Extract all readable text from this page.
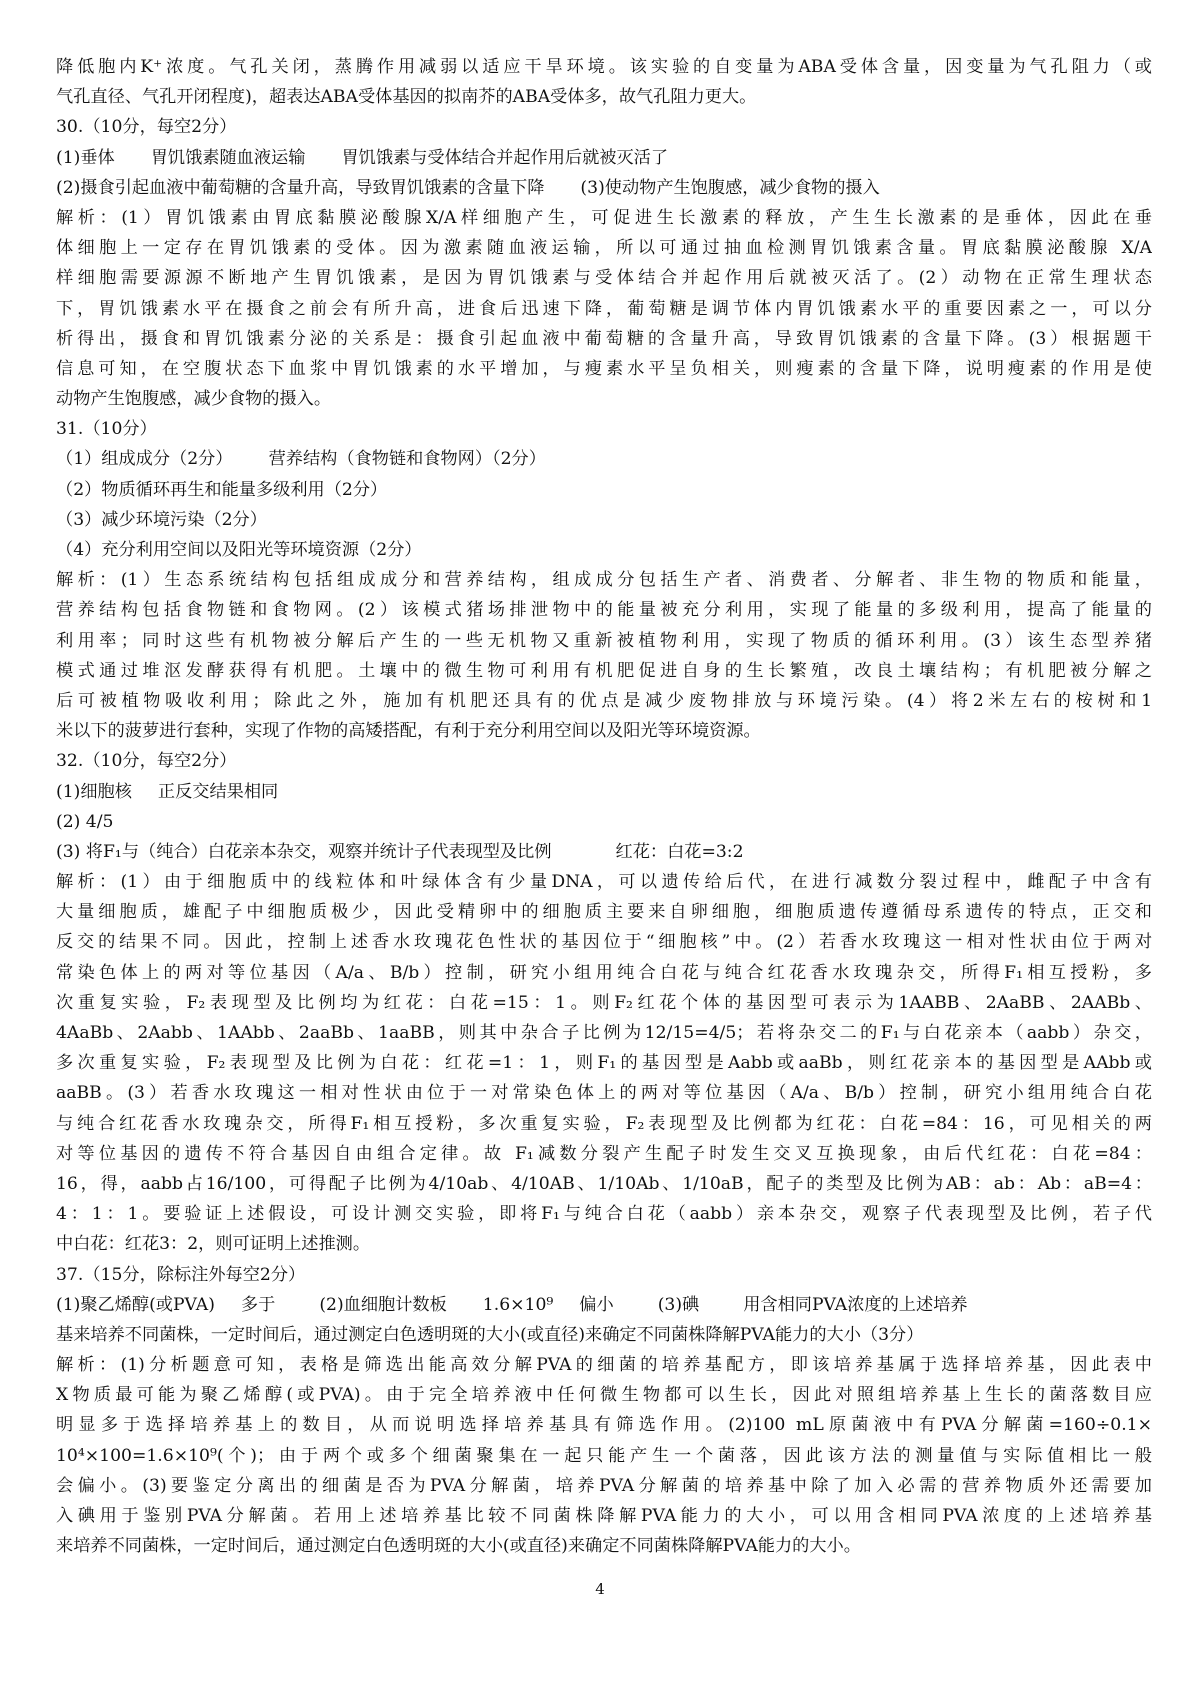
降低胞内K⁺浓度。气孔关闭，蒸腾作用减弱以适应干旱环境。该实验的自变量为ABA受体含量，因变量为气孔阻力（或
气孔直径、气孔开闭程度)，超表达ABA受体基因的拟南芥的ABA受体多，故气孔阻力更大。
30.（10分，每空2分）
(1)垂体 胃饥饿素随血液运输 胃饥饿素与受体结合并起作用后就被灭活了
(2)摄食引起血液中葡萄糖的含量升高，导致胃饥饿素的含量下降 (3)使动物产生饱腹感，减少食物的摄入
解析：(1）胃饥饿素由胃底黏膜泌酸腺X/A样细胞产生，可促进生长激素的释放，产生生长激素的是垂体，因此在垂
体细胞上一定存在胃饥饿素的受体。因为激素随血液运输，所以可通过抽血检测胃饥饿素含量。胃底黏膜泌酸腺 X/A
样细胞需要源源不断地产生胃饥饿素，是因为胃饥饿素与受体结合并起作用后就被灭活了。(2）动物在正常生理状态
下，胃饥饿素水平在摄食之前会有所升高，进食后迅速下降，葡萄糖是调节体内胃饥饿素水平的重要因素之一，可以分
析得出，摄食和胃饥饿素分泌的关系是：摄食引起血液中葡萄糖的含量升高，导致胃饥饿素的含量下降。(3）根据题干
信息可知，在空腹状态下血浆中胃饥饿素的水平增加，与瘦素水平呈负相关，则瘦素的含量下降，说明瘦素的作用是使
动物产生饱腹感，减少食物的摄入。
31.（10分）
（1）组成成分（2分） 营养结构（食物链和食物网）（2分）
（2）物质循环再生和能量多级利用（2分）
（3）减少环境污染（2分）
（4）充分利用空间以及阳光等环境资源（2分）
解析：(1）生态系统结构包括组成成分和营养结构，组成成分包括生产者、消费者、分解者、非生物的物质和能量，
营养结构包括食物链和食物网。(2）该模式猪场排泄物中的能量被充分利用，实现了能量的多级利用，提高了能量的
利用率；同时这些有机物被分解后产生的一些无机物又重新被植物利用，实现了物质的循环利用。(3）该生态型养猪
模式通过堆沤发酵获得有机肥。土壤中的微生物可利用有机肥促进自身的生长繁殖，改良土壤结构；有机肥被分解之
后可被植物吸收利用；除此之外，施加有机肥还具有的优点是减少废物排放与环境污染。(4）将2米左右的桉树和1
米以下的菠萝进行套种，实现了作物的高矮搭配，有利于充分利用空间以及阳光等环境资源。
32.（10分，每空2分）
(1)细胞核 正反交结果相同
(2) 4/5
(3) 将F₁与（纯合）白花亲本杂交，观察并统计子代表现型及比例	红花：白花=3:2
解析：(1）由于细胞质中的线粒体和叶绿体含有少量DNA，可以遗传给后代，在进行减数分裂过程中，雌配子中含有
大量细胞质，雄配子中细胞质极少，因此受精卵中的细胞质主要来自卵细胞，细胞质遗传遵循母系遗传的特点，正交和
反交的结果不同。因此，控制上述香水玫瑰花色性状的基因位于“细胞核”中。(2）若香水玫瑰这一相对性状由位于两对
常染色体上的两对等位基因（A/a、B/b）控制，研究小组用纯合白花与纯合红花香水玫瑰杂交，所得F₁相互授粉，多
次重复实验，F₂表现型及比例均为红花：白花=15：1。则F₂红花个体的基因型可表示为1AABB、2AaBB、2AABb、
4AaBb、2Aabb、1AAbb、2aaBb、1aaBB，则其中杂合子比例为12/15=4/5；若将杂交二的F₁与白花亲本（aabb）杂交，
多次重复实验，F₂表现型及比例为白花：红花=1：1，则F₁的基因型是Aabb或aaBb，则红花亲本的基因型是AAbb或
aaBB。(3）若香水玫瑰这一相对性状由位于一对常染色体上的两对等位基因（A/a、B/b）控制，研究小组用纯合白花
与纯合红花香水玫瑰杂交，所得F₁相互授粉，多次重复实验，F₂表现型及比例都为红花：白花=84：16，可见相关的两
对等位基因的遗传不符合基因自由组合定律。故 F₁减数分裂产生配子时发生交叉互换现象，由后代红花：白花=84：
16，得，aabb占16/100，可得配子比例为4/10ab、4/10AB、1/10Ab、1/10aB，配子的类型及比例为AB：ab：Ab：aB=4：
4：1：1。要验证上述假设，可设计测交实验，即将F₁与纯合白花（aabb）亲本杂交，观察子代表现型及比例，若子代
中白花：红花3：2，则可证明上述推测。
37.（15分，除标注外每空2分）
(1)聚乙烯醇(或PVA) 多于	(2)血细胞计数板 1.6×10⁹ 偏小	(3)碘	用含相同PVA浓度的上述培养
基来培养不同菌株，一定时间后，通过测定白色透明斑的大小(或直径)来确定不同菌株降解PVA能力的大小（3分）
解析：(1)分析题意可知，表格是筛选出能高效分解PVA的细菌的培养基配方，即该培养基属于选择培养基，因此表中
X物质最可能为聚乙烯醇(或PVA)。由于完全培养液中任何微生物都可以生长，因此对照组培养基上生长的菌落数目应
明显多于选择培养基上的数目，从而说明选择培养基具有筛选作用。(2)100 mL原菌液中有PVA分解菌=160÷0.1×
10⁴×100=1.6×10⁹(个)；由于两个或多个细菌聚集在一起只能产生一个菌落，因此该方法的测量值与实际值相比一般
会偏小。(3)要鉴定分离出的细菌是否为PVA分解菌，培养PVA分解菌的培养基中除了加入必需的营养物质外还需要加
入碘用于鉴别PVA分解菌。若用上述培养基比较不同菌株降解PVA能力的大小，可以用含相同PVA浓度的上述培养基
来培养不同菌株，一定时间后，通过测定白色透明斑的大小(或直径)来确定不同菌株降解PVA能力的大小。
4
